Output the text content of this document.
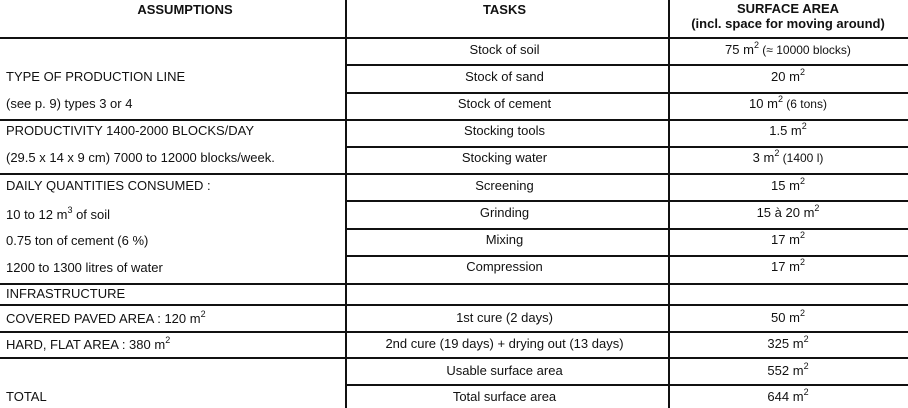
ASSUMPTIONS	TASKS	SURFACE AREA
(incl. space for moving around)
TYPE OF PRODUCTION LINE
(see p. 9) types 3 or 4
PRODUCTIVITY 1400-2000 BLOCKS/DAY
(29.5 x 14 x 9 cm) 7000 to 12000 blocks/week.
DAILY QUANTITIES CONSUMED :
10 to 12 $m^3$ of soil
0.75 ton of cement (6 %)
1200 to 1300 litres of water
INFRASTRUCTURE
COVERED PAVED AREA : 120 $m^2$
HARD, FLAT AREA : 380 $m^2$
TOTAL
Stock of soil
Stock of sand
Stock of cement
Stocking tools
Stocking water
Screening
Grinding
Mixing
Compression
1st cure (2 days)
2nd cure (19 days) + drying out (13 days)
Usable surface area
Total surface area
75 $m^2$ (≈ 10000 blocks)
20 $m^2$
10 $m^2$ (6 tons)
1.5 $m^2$
3 $m^2$ (1400 l)
15 $m^2$
15 à 20 $m^2$
17 $m^2$
17 $m^2$
50 $m^2$
325 $m^2$
552 $m^2$
644 $m^2$
